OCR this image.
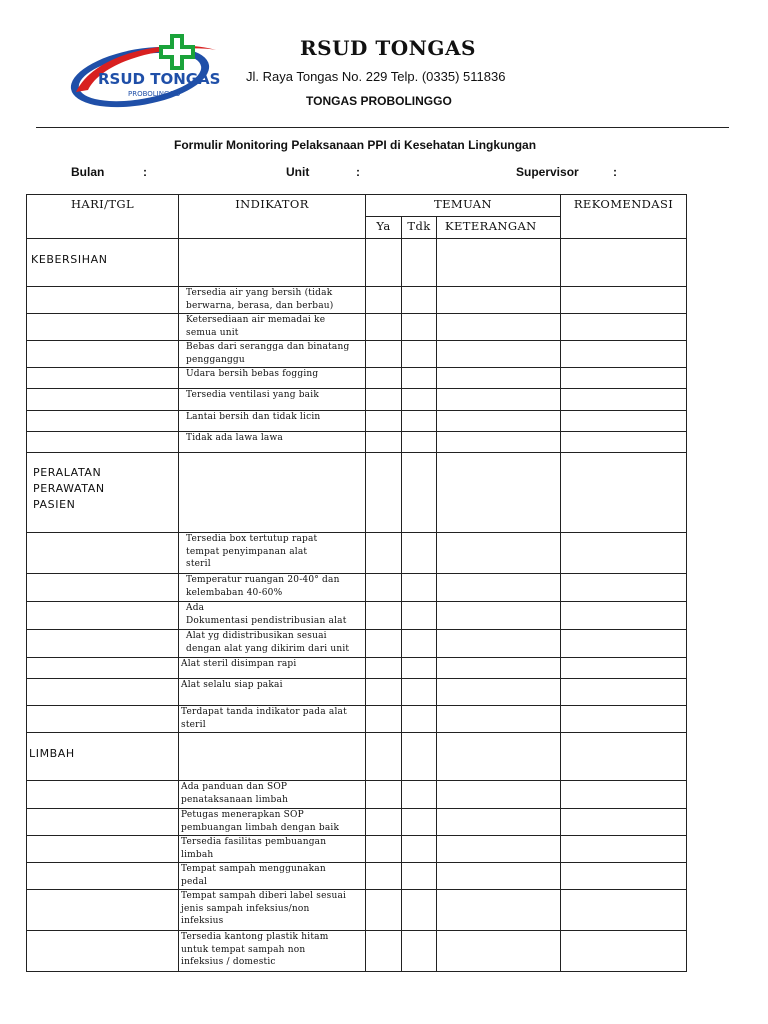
RSUD TONGAS
PROBOLINGGO
RSUD TONGAS
Jl. Raya Tongas No. 229 Telp. (0335) 511836
TONGAS PROBOLINGGO
Formulir Monitoring Pelaksanaan PPI di Kesehatan Lingkungan
Bulan	:	Unit	:	Supervisor	:
HARI/TGL	INDIKATOR	TEMUAN			REKOMENDASI
		Ya	Tdk	KETERANGAN	
KEBERSIHAN					
	Tersedia air yang bersih (tidak
berwarna, berasa, dan berbau)				
	Ketersediaan air memadai ke
semua unit				
	Bebas dari serangga dan binatang
pengganggu				
	Udara bersih bebas fogging				
	Tersedia ventilasi yang baik				
	Lantai bersih dan tidak licin				
	Tidak ada lawa lawa				
PERALATAN
PERAWATAN
PASIEN					
	Tersedia box tertutup rapat
tempat penyimpanan alat
steril				
	Temperatur ruangan 20-40° dan
kelembaban 40-60%				
	Ada
Dokumentasi pendistribusian alat				
	Alat yg didistribusikan sesuai
dengan alat yang dikirim dari unit				
	Alat steril disimpan rapi				
	Alat selalu siap pakai				
	Terdapat tanda indikator pada alat
steril				
LIMBAH					
	Ada panduan dan SOP
penataksanaan limbah				
	Petugas menerapkan SOP
pembuangan limbah dengan baik				
	Tersedia fasilitas pembuangan
limbah				
	Tempat sampah menggunakan
pedal				
	Tempat sampah diberi label sesuai
jenis sampah infeksius/non
infeksius				
	Tersedia kantong plastik hitam
untuk tempat sampah non
infeksius / domestic				
